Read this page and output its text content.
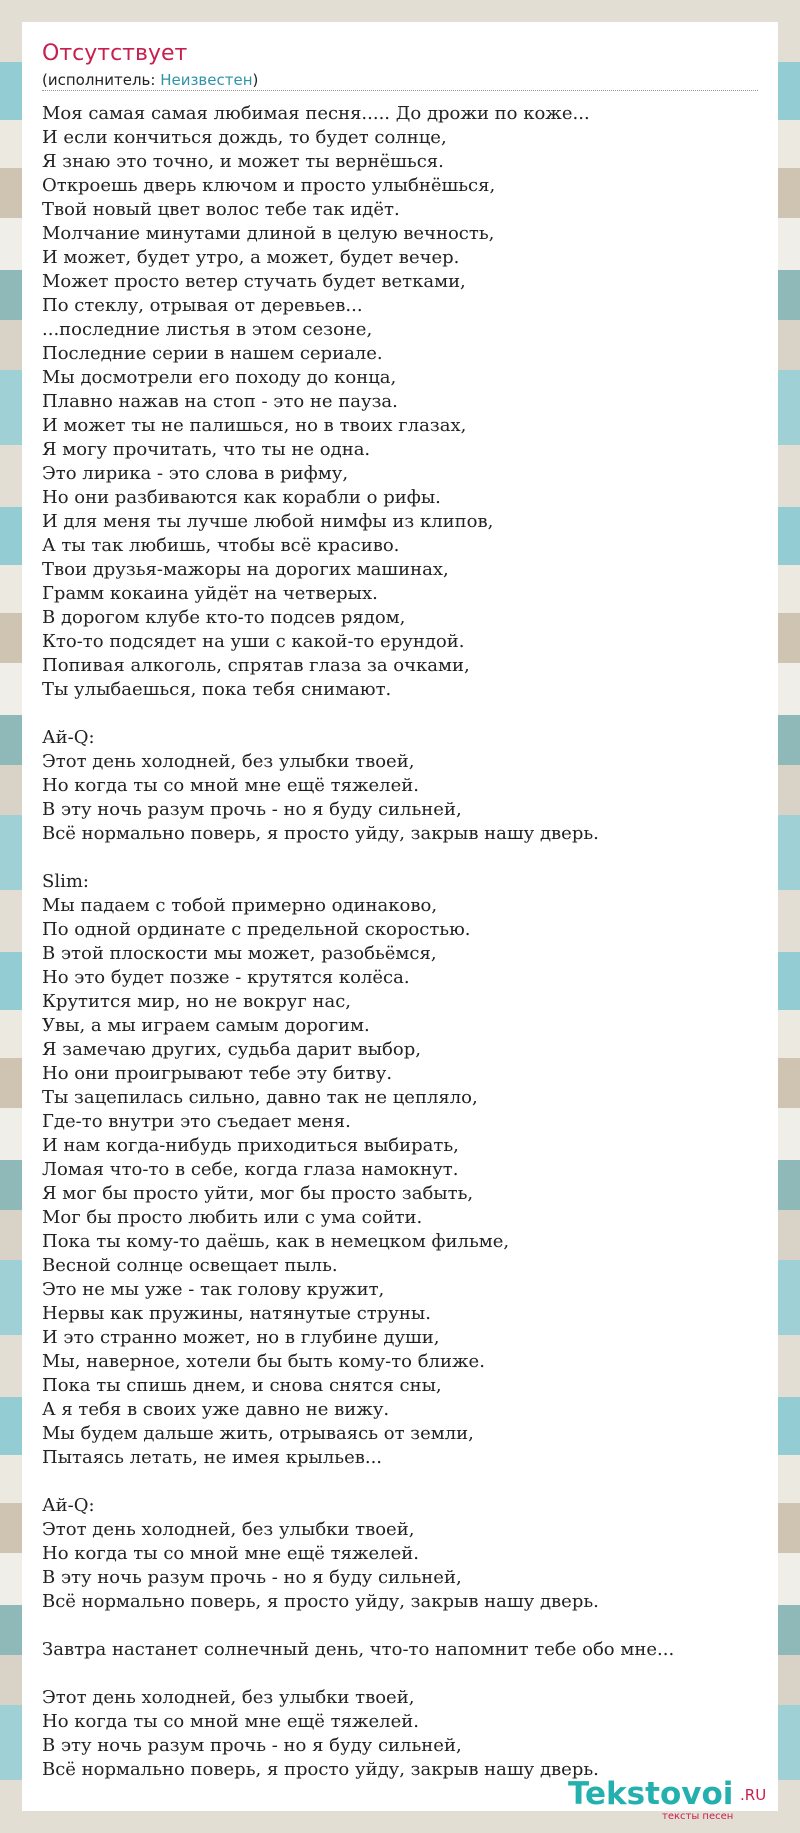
Отсутствует
(исполнитель: Неизвестен)
Моя самая самая любимая песня..... До дрожи по коже...
И если кончиться дождь, то будет солнце,
Я знаю это точно, и может ты вернёшься.
Откроешь дверь ключом и просто улыбнёшься,
Твой новый цвет волос тебе так идёт.
Молчание минутами длиной в целую вечность,
И может, будет утро, а может, будет вечер.
Может просто ветер стучать будет ветками,
По стеклу, отрывая от деревьев...
...последние листья в этом сезоне,
Последние серии в нашем сериале.
Мы досмотрели его походу до конца,
Плавно нажав на стоп - это не пауза.
И может ты не палишься, но в твоих глазах,
Я могу прочитать, что ты не одна.
Это лирика - это слова в рифму,
Но они разбиваются как корабли о рифы.
И для меня ты лучше любой нимфы из клипов,
А ты так любишь, чтобы всё красиво.
Твои друзья-мажоры на дорогих машинах,
Грамм кокаина уйдёт на четверых.
В дорогом клубе кто-то подсев рядом,
Кто-то подсядет на уши с какой-то ерундой.
Попивая алкоголь, спрятав глаза за очками,
Ты улыбаешься, пока тебя снимают.
Ай-Q:
Этот день холодней, без улыбки твоей,
Но когда ты со мной мне ещё тяжелей.
В эту ночь разум прочь - но я буду сильней,
Всё нормально поверь, я просто уйду, закрыв нашу дверь.
Slim:
Мы падаем с тобой примерно одинаково,
По одной ординате с предельной скоростью.
В этой плоскости мы может, разобьёмся,
Но это будет позже - крутятся колёса.
Крутится мир, но не вокруг нас,
Увы, а мы играем самым дорогим.
Я замечаю других, судьба дарит выбор,
Но они проигрывают тебе эту битву.
Ты зацепилась сильно, давно так не цепляло,
Где-то внутри это съедает меня.
И нам когда-нибудь приходиться выбирать,
Ломая что-то в себе, когда глаза намокнут.
Я мог бы просто уйти, мог бы просто забыть,
Мог бы просто любить или с ума сойти.
Пока ты кому-то даёшь, как в немецком фильме,
Весной солнце освещает пыль.
Это не мы уже - так голову кружит,
Нервы как пружины, натянутые струны.
И это странно может, но в глубине души,
Мы, наверное, хотели бы быть кому-то ближе.
Пока ты спишь днем, и снова снятся сны,
А я тебя в своих уже давно не вижу.
Мы будем дальше жить, отрываясь от земли,
Пытаясь летать, не имея крыльев...
Ай-Q:
Этот день холодней, без улыбки твоей,
Но когда ты со мной мне ещё тяжелей.
В эту ночь разум прочь - но я буду сильней,
Всё нормально поверь, я просто уйду, закрыв нашу дверь.
Завтра настанет солнечный день, что-то напомнит тебе обо мне...
Этот день холодней, без улыбки твоей,
Но когда ты со мной мне ещё тяжелей.
В эту ночь разум прочь - но я буду сильней,
Всё нормально поверь, я просто уйду, закрыв нашу дверь.
Tekstovoi .RU
тексты песен
